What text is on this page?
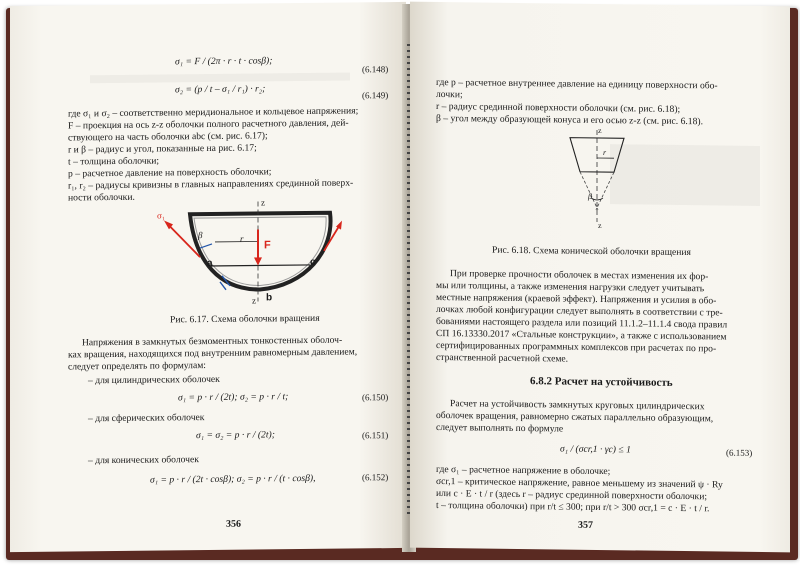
σ₁ = F / (2π · r · t · cosβ);
(6.148)
σ₂ = (p / t – σ₁ / r₁) · r₂;	(6.149)
где σ₁ и σ₂ – соответственно меридиональное и кольцевое напряжения;
F – проекция на ось z-z оболочки полного расчетного давления, дей-
ствующего на часть оболочки abc (см. рис. 6.17);
r и β – радиус и угол, показанные на рис. 6.17;
t – толщина оболочки;
p – расчетное давление на поверхность оболочки;
r₁, r₂ – радиусы кривизны в главных направлениях срединной поверх-
ности оболочки.
σ₁
β	r
F
a	c
b
z
z
Рис. 6.17. Схема оболочки вращения
Напряжения в замкнутых безмоментных тонкостенных оболоч-
ках вращения, находящихся под внутренним равномерным давлением,
следует определять по формулам:
– для цилиндрических оболочек
σ₁ = p · r / (2t); σ₂ = p · r / t;	(6.150)
– для сферических оболочек
σ₁ = σ₂ = p · r / (2t);	(6.151)
– для конических оболочек
σ₁ = p · r / (2t · cosβ); σ₂ = p · r / (t · cosβ),	(6.152)
356
где p – расчетное внутреннее давление на единицу поверхности обо-
лочки;
r – радиус срединной поверхности оболочки (см. рис. 6.18);
β – угол между образующей конуса и его осью z-z (см. рис. 6.18).
z
z
r
β
Рис. 6.18. Схема конической оболочки вращения
При проверке прочности оболочек в местах изменения их фор-
мы или толщины, а также изменения нагрузки следует учитывать
местные напряжения (краевой эффект). Напряжения и усилия в обо-
лочках любой конфигурации следует выполнять в соответствии с тре-
бованиями настоящего раздела или позиций 11.1.2–11.1.4 свода правил
СП 16.13330.2017 «Стальные конструкции», а также с использованием
сертифицированных программных комплексов при расчетах по про-
странственной расчетной схеме.
6.8.2 Расчет на устойчивость
Расчет на устойчивость замкнутых круговых цилиндрических
оболочек вращения, равномерно сжатых параллельно образующим,
следует выполнять по формуле
σ₁ / (σcr,1 · γc) ≤ 1	(6.153)
где σ₁ – расчетное напряжение в оболочке;
σcr,1 – критическое напряжение, равное меньшему из значений ψ · Ry
или c · E · t / r (здесь r – радиус срединной поверхности оболочки;
t – толщина оболочки) при r/t ≤ 300; при r/t > 300 σcr,1 = c · E · t / r.
357
